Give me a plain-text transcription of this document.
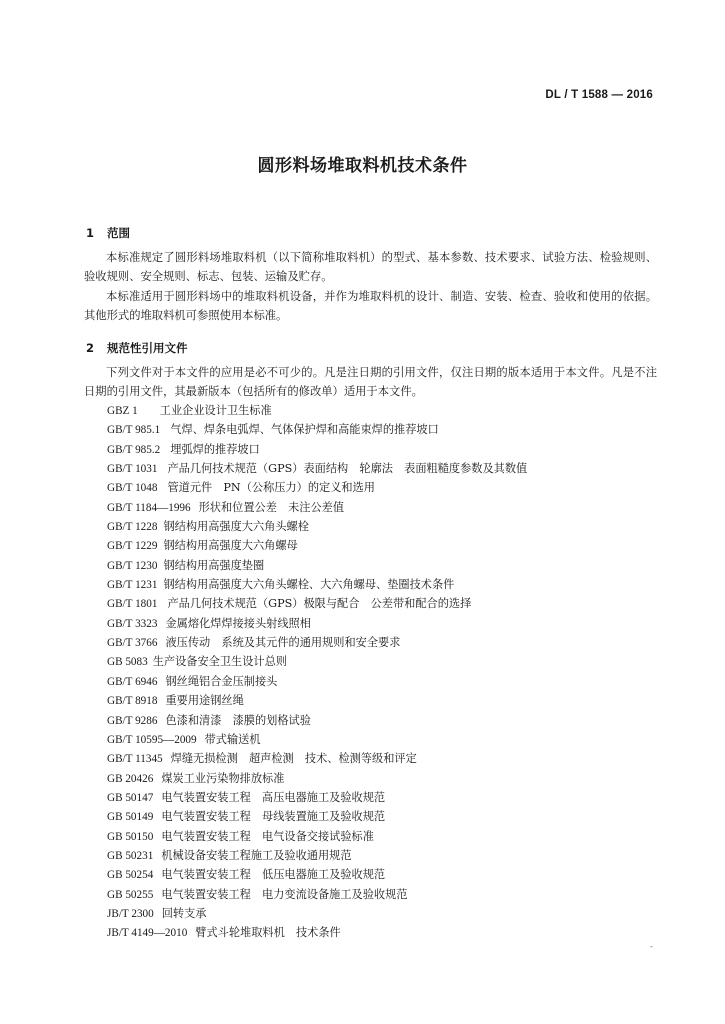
DL / T 1588 — 2016
圆形料场堆取料机技术条件
1 范围

本标准规定了圆形料场堆取料机（以下简称堆取料机）的型式、基本参数、技术要求、试验方法、检验规则、验收规则、安全规则、标志、包装、运输及贮存。

本标准适用于圆形料场中的堆取料机设备，并作为堆取料机的设计、制造、安装、检查、验收和使用的依据。其他形式的堆取料机可参照使用本标准。

2 规范性引用文件

下列文件对于本文件的应用是必不可少的。凡是注日期的引用文件，仅注日期的版本适用于本文件。凡是不注日期的引用文件，其最新版本（包括所有的修改单）适用于本文件。

GBZ 1 工业企业设计卫生标准
GB/T 985.1 气焊、焊条电弧焊、气体保护焊和高能束焊的推荐坡口
GB/T 985.2 埋弧焊的推荐坡口
GB/T 1031 产品几何技术规范（GPS）表面结构　轮廓法　表面粗糙度参数及其数值
GB/T 1048 管道元件　PN（公称压力）的定义和选用
GB/T 1184—1996 形状和位置公差　未注公差值
GB/T 1228 钢结构用高强度大六角头螺栓
GB/T 1229 钢结构用高强度大六角螺母
GB/T 1230 钢结构用高强度垫圈
GB/T 1231 钢结构用高强度大六角头螺栓、大六角螺母、垫圈技术条件
GB/T 1801 产品几何技术规范（GPS）极限与配合　公差带和配合的选择
GB/T 3323 金属熔化焊焊接接头射线照相
GB/T 3766 液压传动　系统及其元件的通用规则和安全要求
GB 5083 生产设备安全卫生设计总则
GB/T 6946 钢丝绳铝合金压制接头
GB/T 8918 重要用途钢丝绳
GB/T 9286 色漆和清漆　漆膜的划格试验
GB/T 10595—2009 带式输送机
GB/T 11345 焊缝无损检测　超声检测　技术、检测等级和评定
GB 20426 煤炭工业污染物排放标准
GB 50147 电气装置安装工程　高压电器施工及验收规范
GB 50149 电气装置安装工程　母线装置施工及验收规范
GB 50150 电气装置安装工程　电气设备交接试验标准
GB 50231 机械设备安装工程施工及验收通用规范
GB 50254 电气装置安装工程　低压电器施工及验收规范
GB 50255 电气装置安装工程　电力变流设备施工及验收规范
JB/T 2300 回转支承
JB/T 4149—2010 臂式斗轮堆取料机　技术条件
-
